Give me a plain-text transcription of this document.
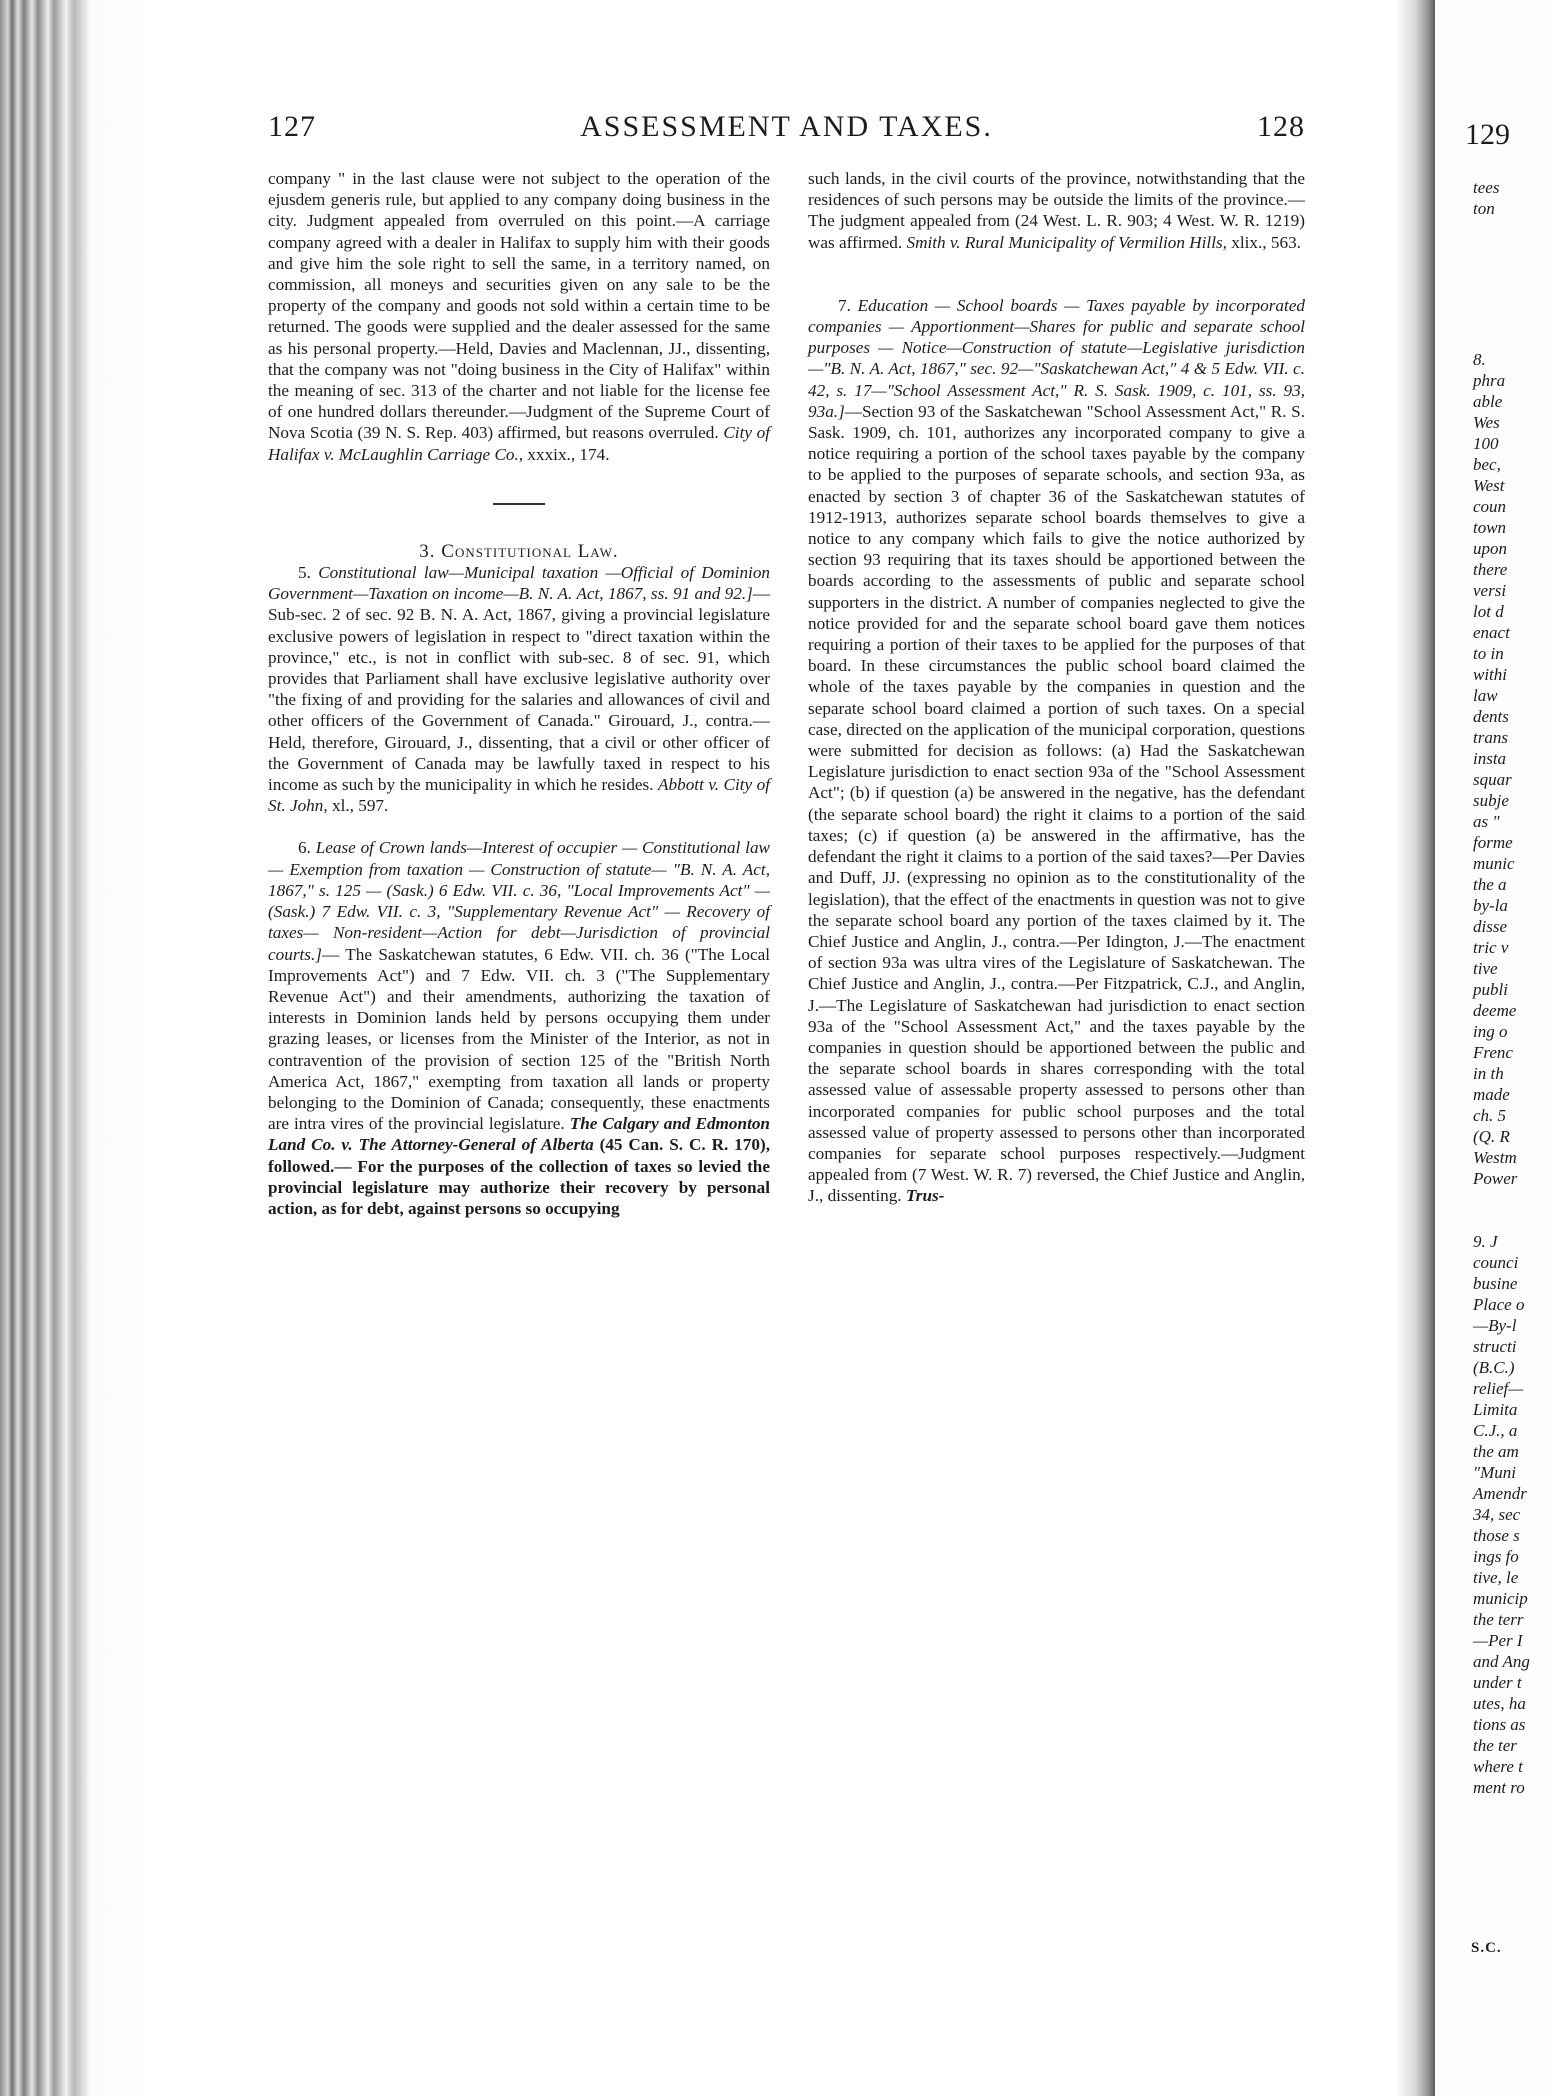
127	ASSESSMENT AND TAXES.	128

company " in the last clause were not subject to the operation of the ejusdem generis rule, but applied to any company doing business in the city. Judgment appealed from overruled on this point.—A carriage company agreed with a dealer in Halifax to supply him with their goods and give him the sole right to sell the same, in a territory named, on commission, all moneys and securities given on any sale to be the property of the company and goods not sold within a certain time to be returned. The goods were supplied and the dealer assessed for the same as his personal property.—Held, Davies and Maclennan, JJ., dissenting, that the company was not "doing business in the City of Halifax" within the meaning of sec. 313 of the charter and not liable for the license fee of one hundred dollars thereunder.—Judgment of the Supreme Court of Nova Scotia (39 N. S. Rep. 403) affirmed, but reasons overruled. City of Halifax v. McLaughlin Carriage Co., xxxix., 174.

3. Constitutional Law.

5. Constitutional law—Municipal taxation —Official of Dominion Government—Taxation on income—B. N. A. Act, 1867, ss. 91 and 92.]—Sub-sec. 2 of sec. 92 B. N. A. Act, 1867, giving a provincial legislature exclusive powers of legislation in respect to "direct taxation within the province," etc., is not in conflict with sub-sec. 8 of sec. 91, which provides that Parliament shall have exclusive legislative authority over "the fixing of and providing for the salaries and allowances of civil and other officers of the Government of Canada." Girouard, J., contra.—Held, therefore, Girouard, J., dissenting, that a civil or other officer of the Government of Canada may be lawfully taxed in respect to his income as such by the municipality in which he resides. Abbott v. City of St. John, xl., 597.

6. Lease of Crown lands—Interest of occupier — Constitutional law — Exemption from taxation — Construction of statute— "B. N. A. Act, 1867," s. 125 — (Sask.) 6 Edw. VII. c. 36, "Local Improvements Act" —(Sask.) 7 Edw. VII. c. 3, "Supplementary Revenue Act" — Recovery of taxes— Non-resident—Action for debt—Jurisdiction of provincial courts.]— The Saskatchewan statutes, 6 Edw. VII. ch. 36 ("The Local Improvements Act") and 7 Edw. VII. ch. 3 ("The Supplementary Revenue Act") and their amendments, authorizing the taxation of interests in Dominion lands held by persons occupying them under grazing leases, or licenses from the Minister of the Interior, as not in contravention of the provision of section 125 of the "British North America Act, 1867," exempting from taxation all lands or property belonging to the Dominion of Canada; consequently, these enactments are intra vires of the provincial legislature. The Calgary and Edmonton Land Co. v. The Attorney-General of Alberta (45 Can. S. C. R. 170), followed.— For the purposes of the collection of taxes so levied the provincial legislature may authorize their recovery by personal action, as for debt, against persons so occupying

such lands, in the civil courts of the province, notwithstanding that the residences of such persons may be outside the limits of the province.—The judgment appealed from (24 West. L. R. 903; 4 West. W. R. 1219) was affirmed. Smith v. Rural Municipality of Vermilion Hills, xlix., 563.

7. Education — School boards — Taxes payable by incorporated companies — Apportionment—Shares for public and separate school purposes — Notice—Construction of statute—Legislative jurisdiction—"B. N. A. Act, 1867," sec. 92—"Saskatchewan Act," 4 & 5 Edw. VII. c. 42, s. 17—"School Assessment Act," R. S. Sask. 1909, c. 101, ss. 93, 93a.]—Section 93 of the Saskatchewan "School Assessment Act," R. S. Sask. 1909, ch. 101, authorizes any incorporated company to give a notice requiring a portion of the school taxes payable by the company to be applied to the purposes of separate schools, and section 93a, as enacted by section 3 of chapter 36 of the Saskatchewan statutes of 1912-1913, authorizes separate school boards themselves to give a notice to any company which fails to give the notice authorized by section 93 requiring that its taxes should be apportioned between the boards according to the assessments of public and separate school supporters in the district. A number of companies neglected to give the notice provided for and the separate school board gave them notices requiring a portion of their taxes to be applied for the purposes of that board. In these circumstances the public school board claimed the whole of the taxes payable by the companies in question and the separate school board claimed a portion of such taxes. On a special case, directed on the application of the municipal corporation, questions were submitted for decision as follows: (a) Had the Saskatchewan Legislature jurisdiction to enact section 93a of the "School Assessment Act"; (b) if question (a) be answered in the negative, has the defendant (the separate school board) the right it claims to a portion of the said taxes; (c) if question (a) be answered in the affirmative, has the defendant the right it claims to a portion of the said taxes?—Per Davies and Duff, JJ. (expressing no opinion as to the constitutionality of the legislation), that the effect of the enactments in question was not to give the separate school board any portion of the taxes claimed by it. The Chief Justice and Anglin, J., contra.—Per Idington, J.—The enactment of section 93a was ultra vires of the Legislature of Saskatchewan. The Chief Justice and Anglin, J., contra.—Per Fitzpatrick, C.J., and Anglin, J.—The Legislature of Saskatchewan had jurisdiction to enact section 93a of the "School Assessment Act," and the taxes payable by the companies in question should be apportioned between the public and the separate school boards in shares corresponding with the total assessed value of assessable property assessed to persons other than incorporated companies for public school purposes and the total assessed value of property assessed to persons other than incorporated companies for separate school purposes respectively.—Judgment appealed from (7 West. W. R. 7) reversed, the Chief Justice and Anglin, J., dissenting. Trus-

129
tees
ton
8.
phra
able
Wes
100
bec,
West
coun
town
upon
there
versi
lot d
enact
to in
withi
law
dents
trans
insta
squar
subje
as "
forme
munic
the a
by-la
disse
tric v
tive
publi
deeme
ing o
Frenc
in th
made
ch. 5
(Q. R
Westm
Power
9. J
counci
busine
Place o
—By-l
structi
(B.C.)
relief—
Limita
C.J., a
the am
"Muni
Amendr
34, sec
those s
ings fo
tive, le
municip
the terr
—Per I
and Ang
under t
utes, ha
tions as
the ter
where t
ment ro
S.C.
